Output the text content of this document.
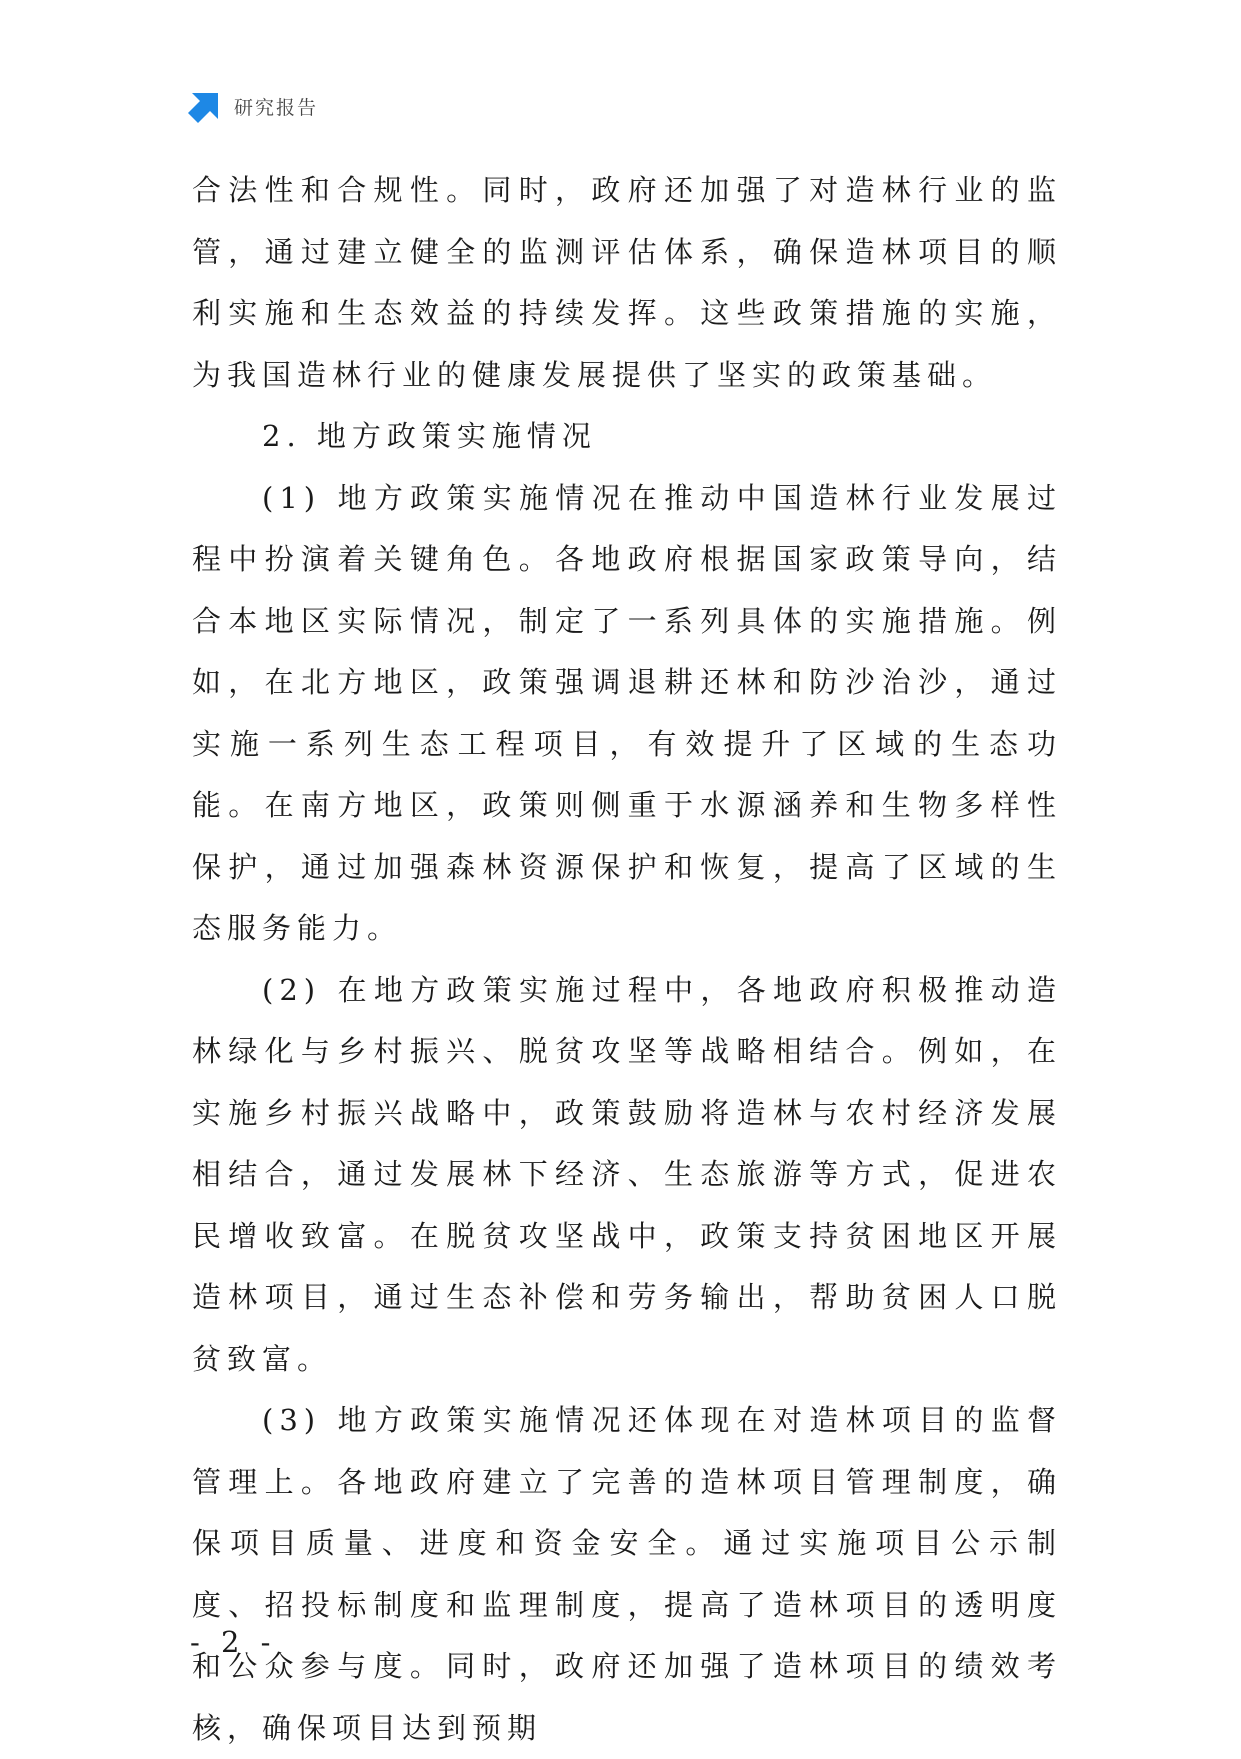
研究报告

合法性和合规性。同时，政府还加强了对造林行业的监管，通过建立健全的监测评估体系，确保造林项目的顺利实施和生态效益的持续发挥。这些政策措施的实施，为我国造林行业的健康发展提供了坚实的政策基础。

2. 地方政策实施情况

(1) 地方政策实施情况在推动中国造林行业发展过程中扮演着关键角色。各地政府根据国家政策导向，结合本地区实际情况，制定了一系列具体的实施措施。例如，在北方地区，政策强调退耕还林和防沙治沙，通过实施一系列生态工程项目，有效提升了区域的生态功能。在南方地区，政策则侧重于水源涵养和生物多样性保护，通过加强森林资源保护和恢复，提高了区域的生态服务能力。

(2) 在地方政策实施过程中，各地政府积极推动造林绿化与乡村振兴、脱贫攻坚等战略相结合。例如，在实施乡村振兴战略中，政策鼓励将造林与农村经济发展相结合，通过发展林下经济、生态旅游等方式，促进农民增收致富。在脱贫攻坚战中，政策支持贫困地区开展造林项目，通过生态补偿和劳务输出，帮助贫困人口脱贫致富。

(3) 地方政策实施情况还体现在对造林项目的监督管理上。各地政府建立了完善的造林项目管理制度，确保项目质量、进度和资金安全。通过实施项目公示制度、招投标制度和监理制度，提高了造林项目的透明度和公众参与度。同时，政府还加强了造林项目的绩效考核，确保项目达到预期

- 2 -
